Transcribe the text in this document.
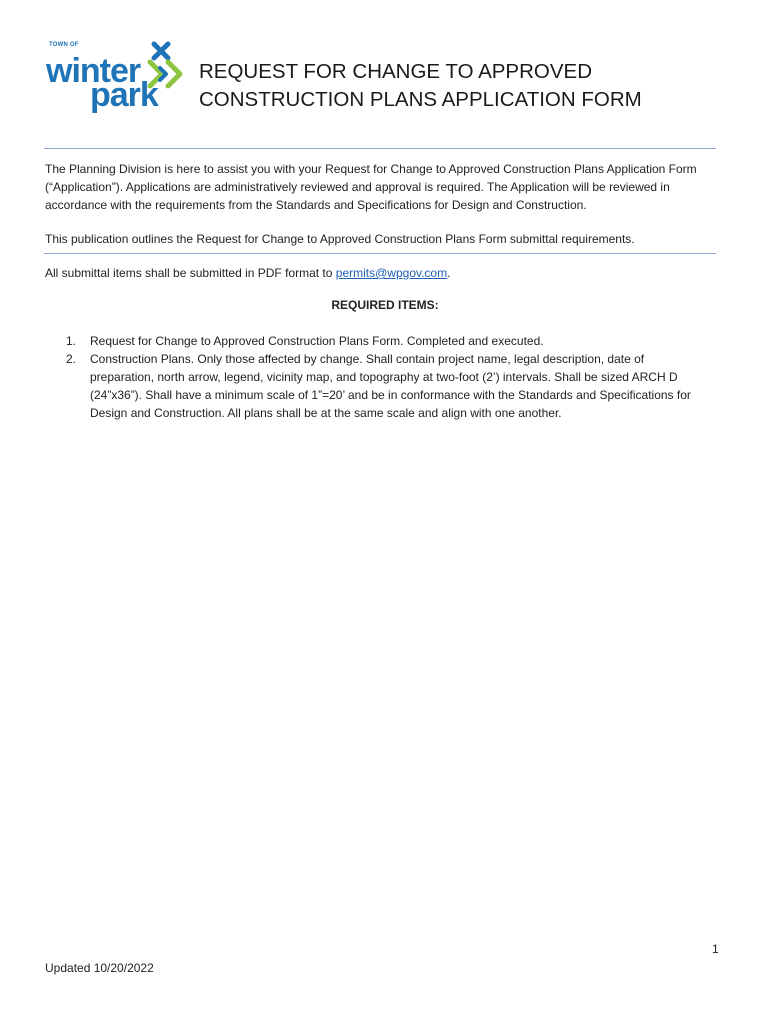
TOWN OF
winter
park
REQUEST FOR CHANGE TO APPROVED CONSTRUCTION PLANS APPLICATION FORM

The Planning Division is here to assist you with your Request for Change to Approved Construction Plans Application Form (“Application”). Applications are administratively reviewed and approval is required. The Application will be reviewed in accordance with the requirements from the Standards and Specifications for Design and Construction.

This publication outlines the Request for Change to Approved Construction Plans Form submittal requirements.

All submittal items shall be submitted in PDF format to permits@wpgov.com.

REQUIRED ITEMS:
1. Request for Change to Approved Construction Plans Form. Completed and executed.
2. Construction Plans. Only those affected by change. Shall contain project name, legal description, date of preparation, north arrow, legend, vicinity map, and topography at two-foot (2’) intervals. Shall be sized ARCH D (24”x36”). Shall have a minimum scale of 1”=20’ and be in conformance with the Standards and Specifications for Design and Construction. All plans shall be at the same scale and align with one another.
1
Updated 10/20/2022
